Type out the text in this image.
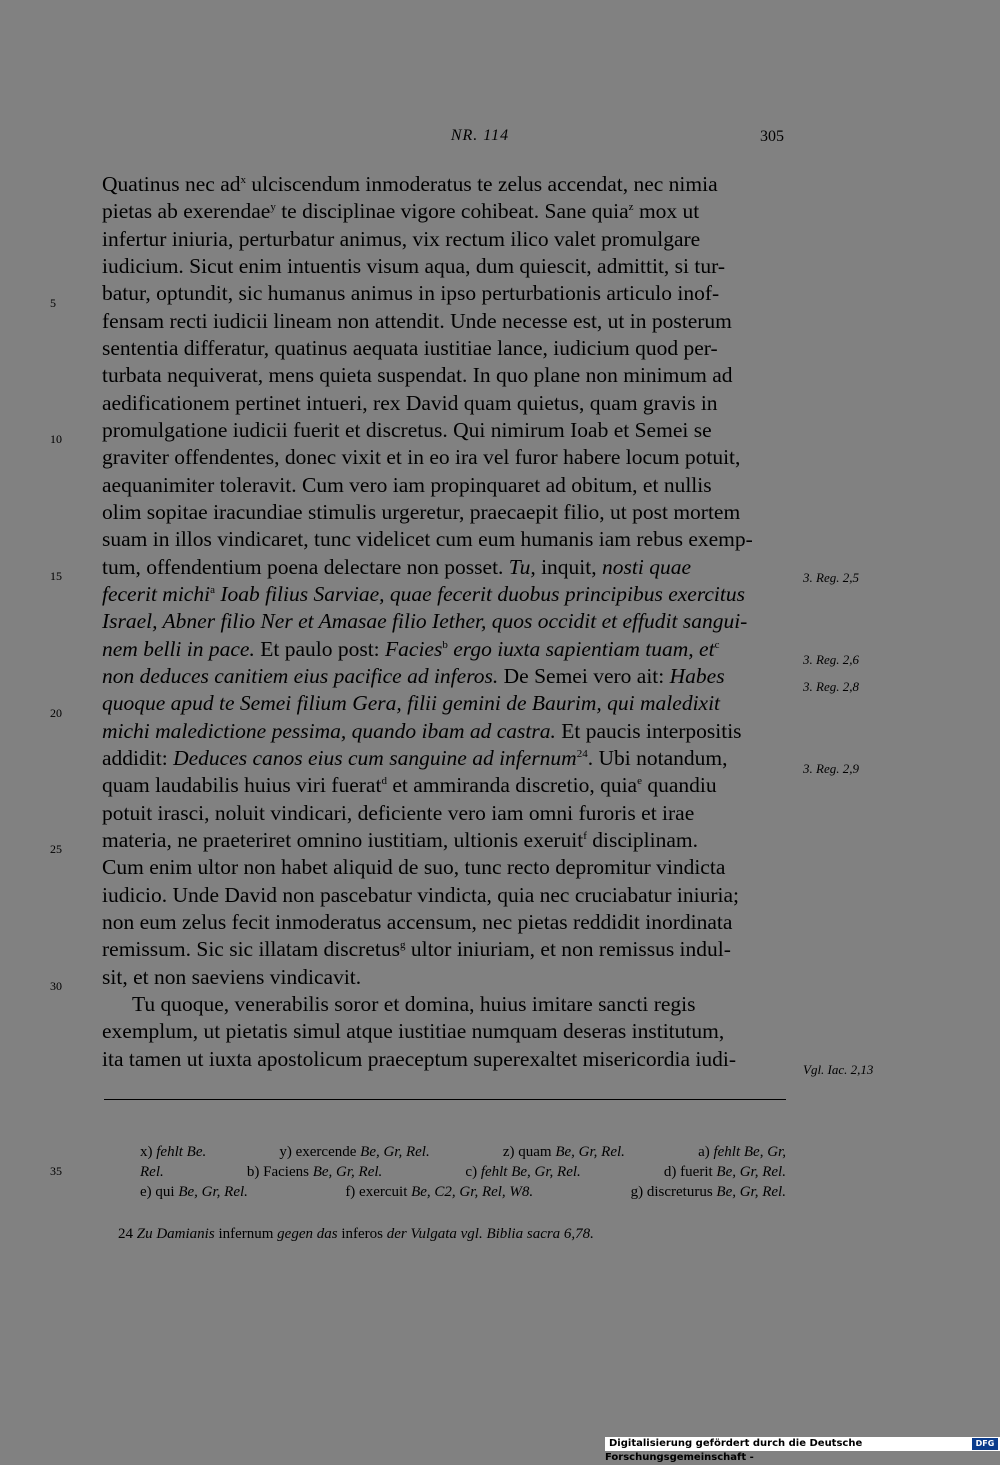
NR. 114	305
Quatinus nec $ad^x$ ulciscendum inmoderatus te zelus accendat, nec nimia
pietas ab exerendae$^y$ te disciplinae vigore cohibeat. Sane quia$^z$ mox ut
infertur iniuria, perturbatur animus, vix rectum ilico valet promulgare
iudicium. Sicut enim intuentis visum aqua, dum quiescit, admittit, si tur-
batur, optundit, sic humanus animus in ipso perturbationis articulo inof-
fensam recti iudicii lineam non attendit. Unde necesse est, ut in posterum
sententia differatur, quatinus aequata iustitiae lance, iudicium quod per-
turbata nequiverat, mens quieta suspendat. In quo plane non minimum ad
aedificationem pertinet intueri, rex David quam quietus, quam gravis in
promulgatione iudicii fuerit et discretus. Qui nimirum Ioab et Semei se
graviter offendentes, donec vixit et in eo ira vel furor habere locum potuit,
aequanimiter toleravit. Cum vero iam propinquaret ad obitum, et nullis
olim sopitae iracundiae stimulis urgeretur, praecaepit filio, ut post mortem
suam in illos vindicaret, tunc videlicet cum eum humanis iam rebus exemp-
tum, offendentium poena delectare non posset. Tu, inquit, nosti quae
fecerit michi$^a$ Ioab filius Sarviae, quae fecerit duobus principibus exercitus
Israel, Abner filio Ner et Amasae filio Iether, quos occidit et effudit sangui-
nem belli in pace. Et paulo post: Facies$^b$ ergo iuxta sapientiam tuam, $et^c$
non deduces canitiem eius pacifice ad inferos. De Semei vero ait: Habes
quoque apud te Semei filium Gera, filii gemini de Baurim, qui maledixit
michi maledictione pessima, quando ibam ad castra. Et paucis interpositis
addidit: Deduces canos eius cum sanguine ad infernum$^{24}$. Ubi notandum,
quam laudabilis huius viri fuerat$^d$ et ammiranda discretio, quia$^e$ quandiu
potuit irasci, noluit vindicari, deficiente vero iam omni furoris et irae
materia, ne praeteriret omnino iustitiam, ultionis exeruit$^f$ disciplinam.
Cum enim ultor non habet aliquid de suo, tunc recto depromitur vindicta
iudicio. Unde David non pascebatur vindicta, quia nec cruciabatur iniuria;
non eum zelus fecit inmoderatus accensum, nec pietas reddidit inordinata
remissum. Sic sic illatam discretus$^g$ ultor iniuriam, et non remissus indul-
sit, et non saeviens vindicavit.
Tu quoque, venerabilis soror et domina, huius imitare sancti regis
exemplum, ut pietatis simul atque iustitiae numquam deseras institutum,
ita tamen ut iuxta apostolicum praeceptum superexaltet misericordia iudi-
5
10
15
20
25
30
35
3. Reg. 2,5
3. Reg. 2,6
3. Reg. 2,8
3. Reg. 2,9
Vgl. Iac. 2,13
x) fehlt Be.	y) exercende Be, Gr, Rel.	z) quam Be, Gr, Rel.	a) fehlt Be, Gr,
Rel.	b) Faciens Be, Gr, Rel.	c) fehlt Be, Gr, Rel.	d) fuerit Be, Gr, Rel.
e) qui Be, Gr, Rel.	f) exercuit Be, C2, Gr, Rel, W8.	g) discreturus Be, Gr, Rel.
24 Zu Damianis infernum gegen das inferos der Vulgata vgl. Biblia sacra 6,78.
Digitalisierung gefördert durch die Deutsche Forschungsgemeinschaft -
DFG
